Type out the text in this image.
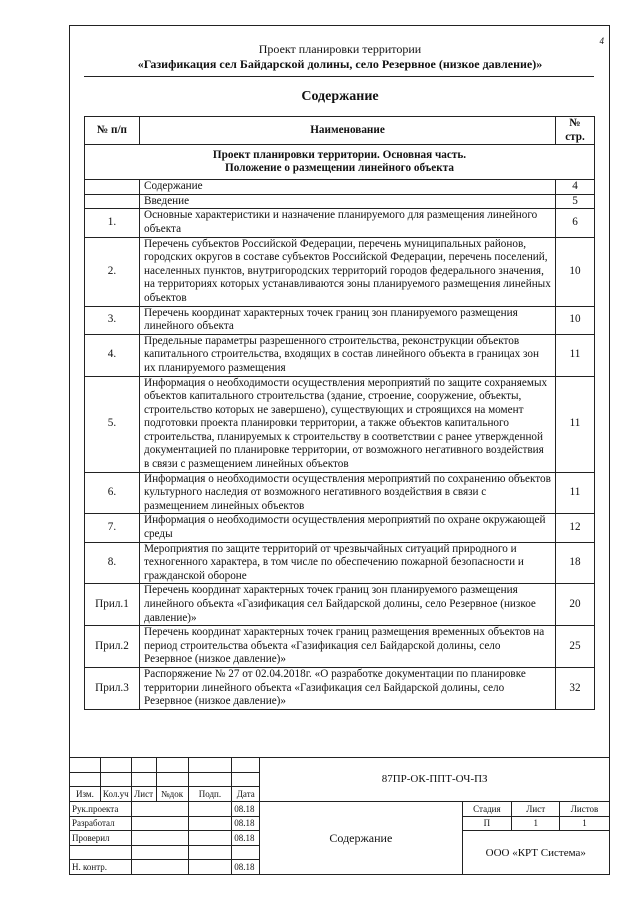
4
Проект планировки территории
«Газификация сел Байдарской долины, село Резервное (низкое давление)»
Содержание
№ п/п	Наименование	№ стр.

Проект планировки территории. Основная часть.
Положение о размещении линейного объекта		

	Содержание	4
	Введение	5
1.	Основные характеристики и назначение планируемого для размещения линейного объекта	6
2.	Перечень субъектов Российской Федерации, перечень муниципальных районов, городских округов в составе субъектов Российской Федерации, перечень поселений, населенных пунктов, внутригородских территорий городов федерального значения, на территориях которых устанавливаются зоны планируемого размещения линейных объектов	10
3.	Перечень координат характерных точек границ зон планируемого размещения линейного объекта	10
4.	Предельные параметры разрешенного строительства, реконструкции объектов капитального строительства, входящих в состав линейного объекта в границах зон их планируемого размещения	11
5.	Информация о необходимости осуществления мероприятий по защите сохраняемых объектов капитального строительства (здание, строение, сооружение, объекты, строительство которых не завершено), существующих и строящихся на момент подготовки проекта планировки территории, а также объектов капитального строительства, планируемых к строительству в соответствии с ранее утвержденной документацией по планировке территории, от возможного негативного воздействия в связи с размещением линейных объектов	11
6.	Информация о необходимости осуществления мероприятий по сохранению объектов культурного наследия от возможного негативного воздействия в связи с размещением линейных объектов	11
7.	Информация о необходимости осуществления мероприятий по охране окружающей среды	12
8.	Мероприятия по защите территорий от чрезвычайных ситуаций природного и техногенного характера, в том числе по обеспечению пожарной безопасности и гражданской обороне	18
Прил.1	Перечень координат характерных точек границ зон планируемого размещения линейного объекта «Газификация сел Байдарской долины, село Резервное (низкое давление)»	20
Прил.2	Перечень координат характерных точек границ размещения временных объектов на период строительства объекта «Газификация сел Байдарской долины, село Резервное (низкое давление)»	25
Прил.3	Распоряжение № 27 от 02.04.2018г. «О разработке документации по планировке территории линейного объекта «Газификация сел Байдарской долины, село Резервное (низкое давление)»	32
						87ПР-ОК-ППТ-ОЧ-ПЗ			

Изм.	Кол.уч	Лист	№док	Подп.	Дата				
Рук.проекта					08.18	Содержание	Стадия	Лист	Листов
Разработал					08.18		П	1	1
Проверил					08.18		ООО «КРТ Система»		

Н. контр.					08.18				
